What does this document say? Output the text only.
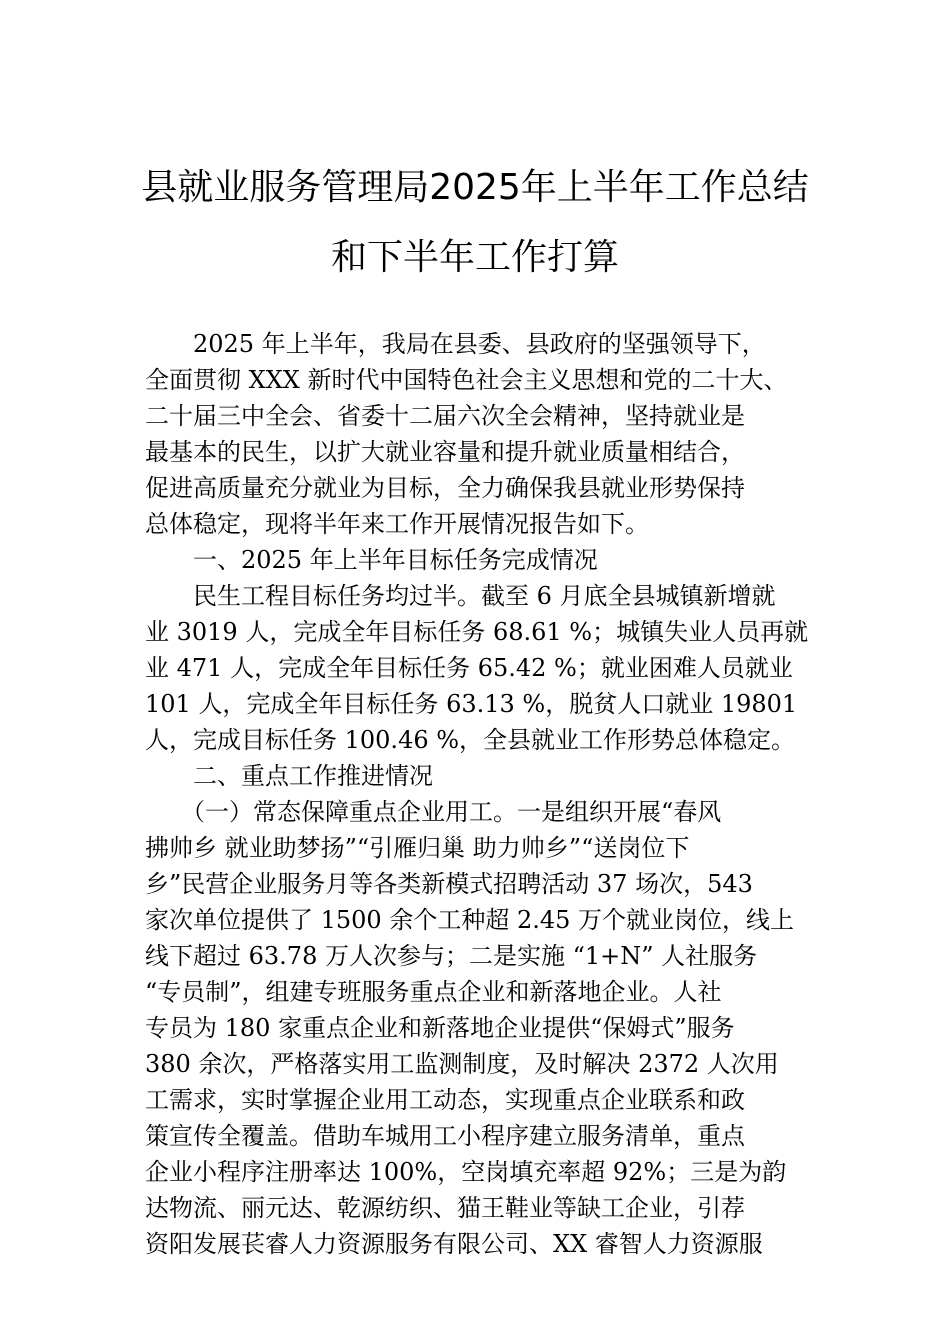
县就业服务管理局2025年上半年工作总结
和下半年工作打算
　　2025 年上半年，我局在县委、县政府的坚强领导下，
全面贯彻 XXX 新时代中国特色社会主义思想和党的二十大、
二十届三中全会、省委十二届六次全会精神，坚持就业是
最基本的民生，以扩大就业容量和提升就业质量相结合，
促进高质量充分就业为目标，全力确保我县就业形势保持
总体稳定，现将半年来工作开展情况报告如下。
　　一、2025 年上半年目标任务完成情况
　　民生工程目标任务均过半。截至 6 月底全县城镇新增就
业 3019 人，完成全年目标任务 68.61 %；城镇失业人员再就
业 471 人，完成全年目标任务 65.42 %；就业困难人员就业
101 人，完成全年目标任务 63.13 %，脱贫人口就业 19801
人，完成目标任务 100.46 %，全县就业工作形势总体稳定。
　　二、重点工作推进情况
　　（一）常态保障重点企业用工。一是组织开展“春风
拂帅乡 就业助梦扬”“引雁归巢 助力帅乡”“送岗位下
乡”民营企业服务月等各类新模式招聘活动 37 场次，543
家次单位提供了 1500 余个工种超 2.45 万个就业岗位，线上
线下超过 63.78 万人次参与；二是实施 “1+N” 人社服务
“专员制”，组建专班服务重点企业和新落地企业。人社
专员为 180 家重点企业和新落地企业提供“保姆式”服务
380 余次，严格落实用工监测制度，及时解决 2372 人次用
工需求，实时掌握企业用工动态，实现重点企业联系和政
策宣传全覆盖。借助车城用工小程序建立服务清单，重点
企业小程序注册率达 100%，空岗填充率超 92%；三是为韵
达物流、丽元达、乾源纺织、猫王鞋业等缺工企业，引荐
资阳发展苌睿人力资源服务有限公司、XX 睿智人力资源服
